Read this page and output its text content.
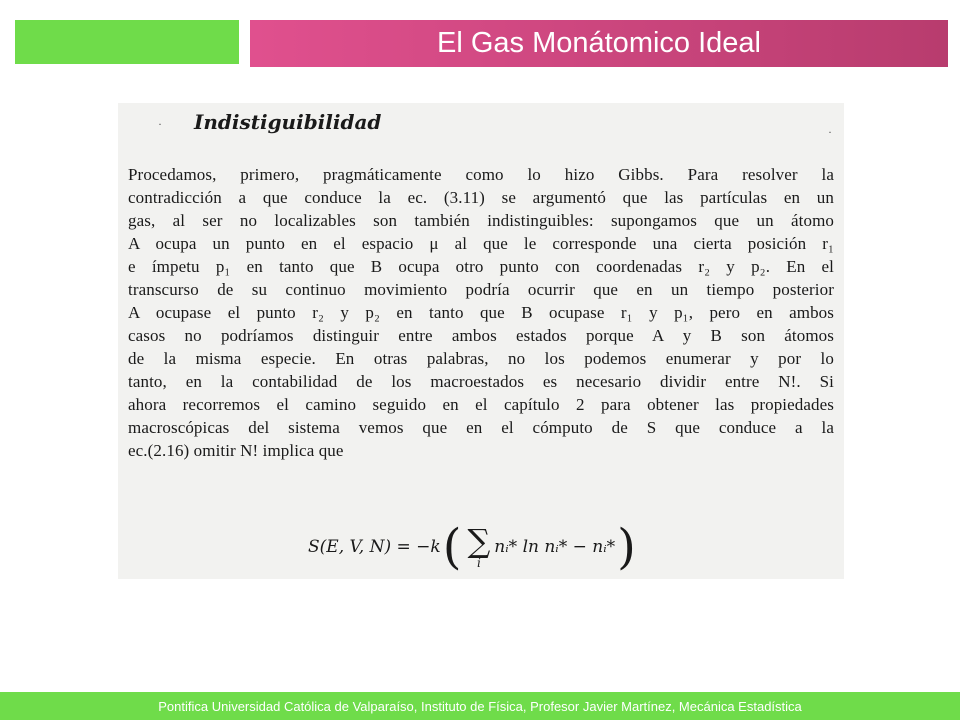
El Gas Monátomico Ideal
·
·
Indistiguibilidad
Procedamos, primero, pragmáticamente como lo hizo Gibbs. Para resolver la
contradicción a que conduce la ec. (3.11) se argumentó que las partículas en un
gas, al ser no localizables son también indistinguibles: supongamos que un átomo
A ocupa un punto en el espacio μ al que le corresponde una cierta posición r₁
e ímpetu p₁ en tanto que B ocupa otro punto con coordenadas r₂ y p₂. En el
transcurso de su continuo movimiento podría ocurrir que en un tiempo posterior
A ocupase el punto r₂ y p₂ en tanto que B ocupase r₁ y p₁, pero en ambos
casos no podríamos distinguir entre ambos estados porque A y B son átomos
de la misma especie. En otras palabras, no los podemos enumerar y por lo
tanto, en la contabilidad de los macroestados es necesario dividir entre N!. Si
ahora recorremos el camino seguido en el capítulo 2 para obtener las propiedades
macroscópicas del sistema vemos que en el cómputo de S que conduce a la
ec.(2.16) omitir N! implica que
S(E, V, N) = −k ( ∑
i
nᵢ* ln nᵢ* − nᵢ* )
Pontifica Universidad Católica de Valparaíso, Instituto de Física, Profesor Javier Martínez, Mecánica Estadística
